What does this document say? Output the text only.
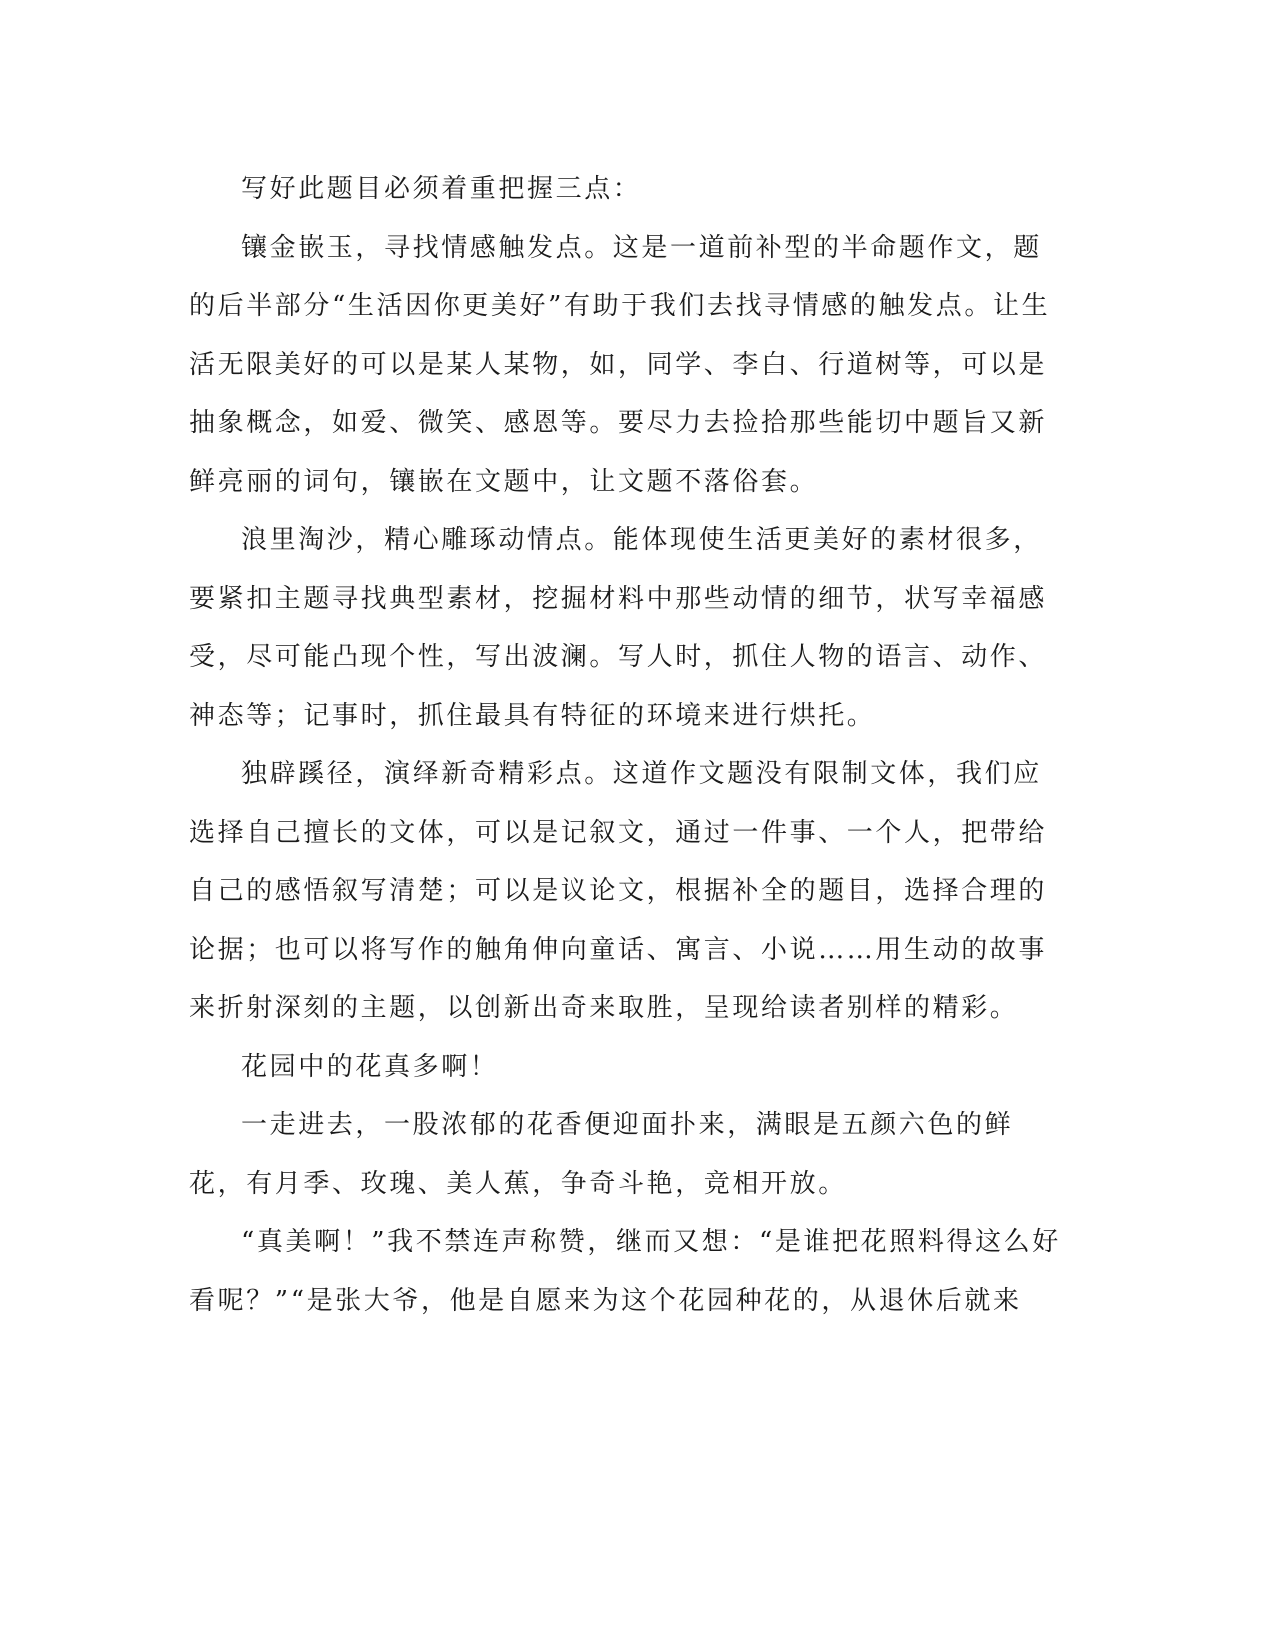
写好此题目必须着重把握三点：

镶金嵌玉，寻找情感触发点。这是一道前补型的半命题作文，题的后半部分“生活因你更美好”有助于我们去找寻情感的触发点。让生活无限美好的可以是某人某物，如，同学、李白、行道树等，可以是抽象概念，如爱、微笑、感恩等。要尽力去捡拾那些能切中题旨又新鲜亮丽的词句，镶嵌在文题中，让文题不落俗套。

浪里淘沙，精心雕琢动情点。能体现使生活更美好的素材很多，要紧扣主题寻找典型素材，挖掘材料中那些动情的细节，状写幸福感受，尽可能凸现个性，写出波澜。写人时，抓住人物的语言、动作、神态等；记事时，抓住最具有特征的环境来进行烘托。

独辟蹊径，演绎新奇精彩点。这道作文题没有限制文体，我们应选择自己擅长的文体，可以是记叙文，通过一件事、一个人，把带给自己的感悟叙写清楚；可以是议论文，根据补全的题目，选择合理的论据；也可以将写作的触角伸向童话、寓言、小说……用生动的故事来折射深刻的主题，以创新出奇来取胜，呈现给读者别样的精彩。

花园中的花真多啊！

一走进去，一股浓郁的花香便迎面扑来，满眼是五颜六色的鲜花，有月季、玫瑰、美人蕉，争奇斗艳，竞相开放。

“真美啊！”我不禁连声称赞，继而又想：“是谁把花照料得这么好看呢？”“是张大爷，他是自愿来为这个花园种花的，从退休后就来
